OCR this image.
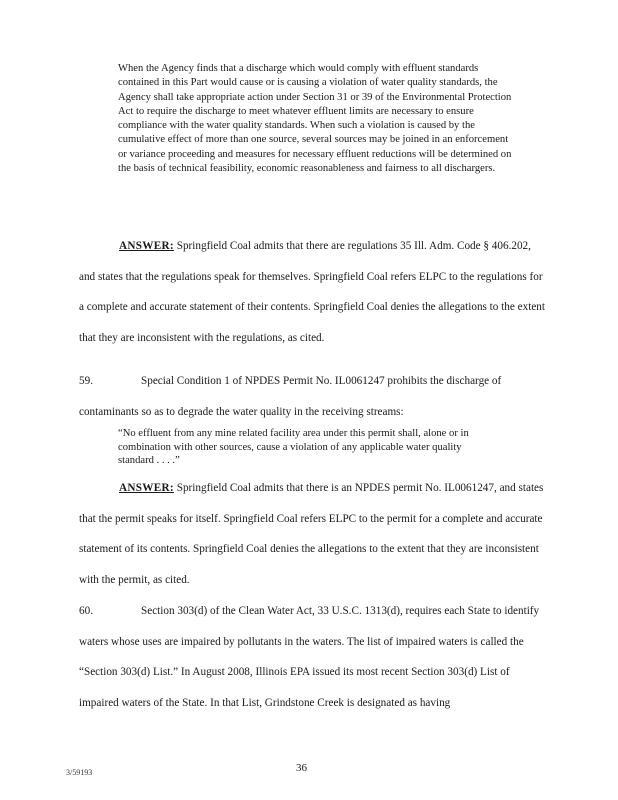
When the Agency finds that a discharge which would comply with effluent standards contained in this Part would cause or is causing a violation of water quality standards, the Agency shall take appropriate action under Section 31 or 39 of the Environmental Protection Act to require the discharge to meet whatever effluent limits are necessary to ensure compliance with the water quality standards. When such a violation is caused by the cumulative effect of more than one source, several sources may be joined in an enforcement or variance proceeding and measures for necessary effluent reductions will be determined on the basis of technical feasibility, economic reasonableness and fairness to all dischargers.
ANSWER: Springfield Coal admits that there are regulations 35 Ill. Adm. Code § 406.202, and states that the regulations speak for themselves. Springfield Coal refers ELPC to the regulations for a complete and accurate statement of their contents. Springfield Coal denies the allegations to the extent that they are inconsistent with the regulations, as cited.
59.	Special Condition 1 of NPDES Permit No. IL0061247 prohibits the discharge of contaminants so as to degrade the water quality in the receiving streams:
“No effluent from any mine related facility area under this permit shall, alone or in combination with other sources, cause a violation of any applicable water quality standard . . . .”
ANSWER: Springfield Coal admits that there is an NPDES permit No. IL0061247, and states that the permit speaks for itself. Springfield Coal refers ELPC to the permit for a complete and accurate statement of its contents. Springfield Coal denies the allegations to the extent that they are inconsistent with the permit, as cited.
60.	Section 303(d) of the Clean Water Act, 33 U.S.C. 1313(d), requires each State to identify waters whose uses are impaired by pollutants in the waters. The list of impaired waters is called the “Section 303(d) List.” In August 2008, Illinois EPA issued its most recent Section 303(d) List of impaired waters of the State. In that List, Grindstone Creek is designated as having
3/59193	36
